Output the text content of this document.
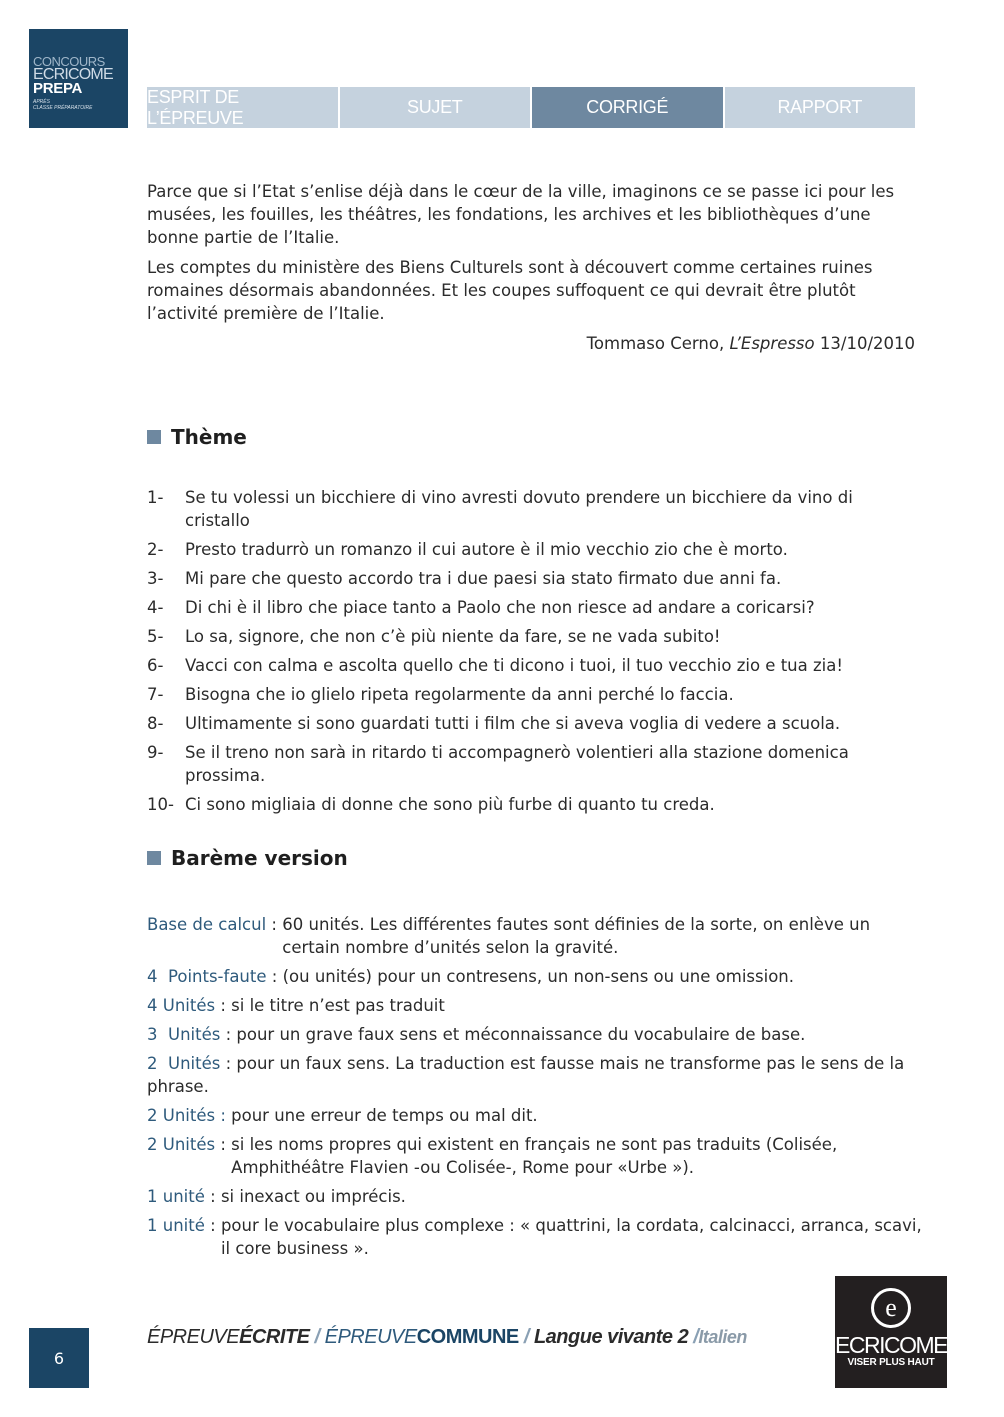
CONCOURS
ECRICOME
PREPA
APRÈS
CLASSE PRÉPARATOIRE
ESPRIT DE L’ÉPREUVE
SUJET	CORRIGÉ	RAPPORT

Parce que si l’Etat s’enlise déjà dans le cœur de la ville, imaginons ce se passe ici pour les musées, les fouilles, les théâtres, les fondations, les archives et les bibliothèques d’une bonne partie de l’Italie.

Les comptes du ministère des Biens Culturels sont à découvert comme certaines ruines romaines désormais abandonnées. Et les coupes suffoquent ce qui devrait être plutôt l’activité première de l’Italie.

Tommaso Cerno, L’Espresso 13/10/2010
Thème
1-	Se tu volessi un bicchiere di vino avresti dovuto prendere un bicchiere da vino di cristallo
2-	Presto tradurrò un romanzo il cui autore è il mio vecchio zio che è morto.
3-	Mi pare che questo accordo tra i due paesi sia stato firmato due anni fa.
4-	Di chi è il libro che piace tanto a Paolo che non riesce ad andare a coricarsi?
5-	Lo sa, signore, che non c’è più niente da fare, se ne vada subito!
6-	Vacci con calma e ascolta quello che ti dicono i tuoi, il tuo vecchio zio e tua zia!
7-	Bisogna che io glielo ripeta regolarmente da anni perché lo faccia.
8-	Ultimamente si sono guardati tutti i film che si aveva voglia di vedere a scuola.
9-	Se il treno non sarà in ritardo ti accompagnerò volentieri alla stazione domenica prossima.
10- Ci sono migliaia di donne che sono più furbe di quanto tu creda.
Barème version
Base de calcul : 60 unités. Les différentes fautes sont définies de la sorte, on enlève un certain nombre d’unités selon la gravité.
4  Points-faute : (ou unités) pour un contresens, un non-sens ou une omission.
4 Unités : si le titre n’est pas traduit
3  Unités : pour un grave faux sens et méconnaissance du vocabulaire de base.
2  Unités : pour un faux sens. La traduction est fausse mais ne transforme pas le sens de la phrase.
2 Unités :
pour une erreur de temps ou mal dit.
2 Unités : si les noms propres qui existent en français ne sont pas traduits (Colisée, Amphithéâtre Flavien -ou Colisée-, Rome pour «Urbe »).
1 unité : si inexact ou imprécis.
1 unité : pour le vocabulaire plus complexe : « quattrini, la cordata, calcinacci, arranca, scavi, il core business ».
6
ÉPREUVEÉCRITE / ÉPREUVECOMMUNE / Langue vivante 2 /Italien
e
ECRICOME
VISER PLUS HAUT
